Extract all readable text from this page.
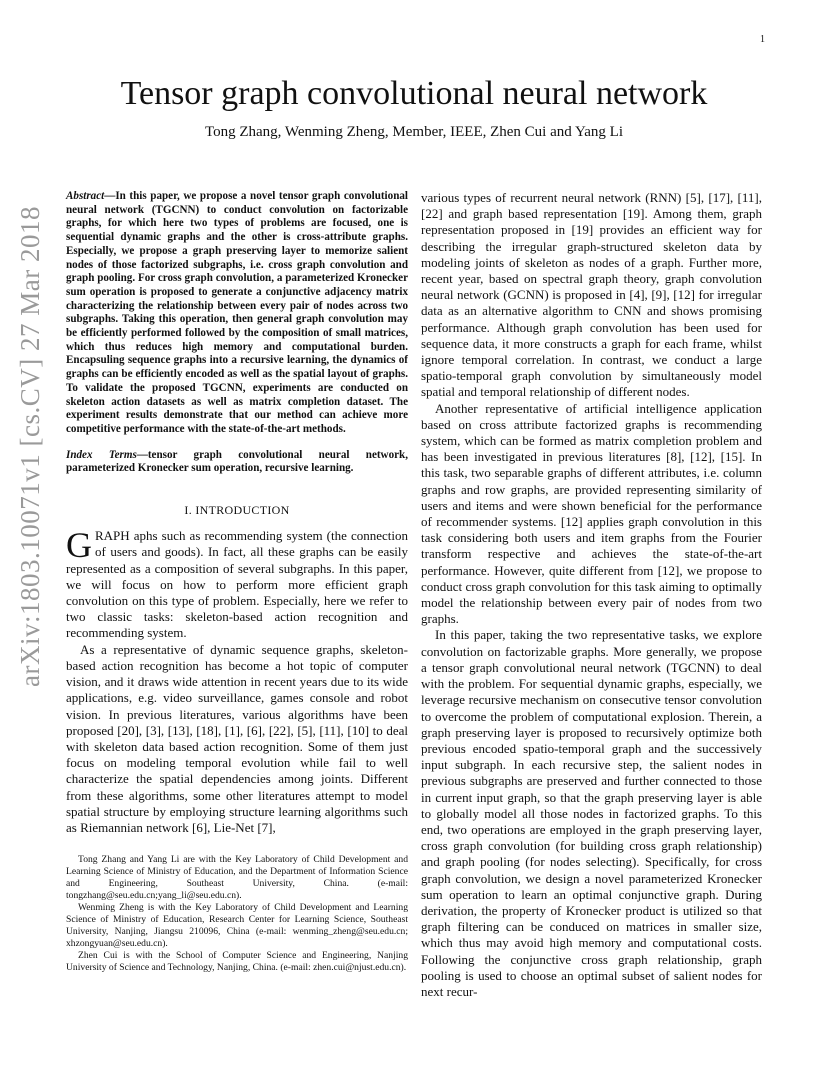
1
arXiv:1803.10071v1 [cs.CV] 27 Mar 2018
Tensor graph convolutional neural network
Tong Zhang, Wenming Zheng, Member, IEEE, Zhen Cui and Yang Li
Abstract—In this paper, we propose a novel tensor graph convolutional neural network (TGCNN) to conduct convolution on factorizable graphs, for which here two types of problems are focused, one is sequential dynamic graphs and the other is cross-attribute graphs. Especially, we propose a graph preserving layer to memorize salient nodes of those factorized subgraphs, i.e. cross graph convolution and graph pooling. For cross graph convolution, a parameterized Kronecker sum operation is proposed to generate a conjunctive adjacency matrix characterizing the relationship between every pair of nodes across two subgraphs. Taking this operation, then general graph convolution may be efficiently performed followed by the composition of small matrices, which thus reduces high memory and computational burden. Encapsuling sequence graphs into a recursive learning, the dynamics of graphs can be efficiently encoded as well as the spatial layout of graphs. To validate the proposed TGCNN, experiments are conducted on skeleton action datasets as well as matrix completion dataset. The experiment results demonstrate that our method can achieve more competitive performance with the state-of-the-art methods.
Index Terms—tensor graph convolutional neural network, parameterized Kronecker sum operation, recursive learning.
I. INTRODUCTION

GRAPH aphs such as recommending system (the connection of users and goods). In fact, all these graphs can be easily represented as a composition of several subgraphs. In this paper, we will focus on how to perform more efficient graph convolution on this type of problem. Especially, here we refer to two classic tasks: skeleton-based action recognition and recommending system.

As a representative of dynamic sequence graphs, skeleton-based action recognition has become a hot topic of computer vision, and it draws wide attention in recent years due to its wide applications, e.g. video surveillance, games console and robot vision. In previous literatures, various algorithms have been proposed [20], [3], [13], [18], [1], [6], [22], [5], [11], [10] to deal with skeleton data based action recognition. Some of them just focus on modeling temporal evolution while fail to well characterize the spatial dependencies among joints. Different from these algorithms, some other literatures attempt to model spatial structure by employing structure learning algorithms such as Riemannian network [6], Lie-Net [7],

Tong Zhang and Yang Li are with the Key Laboratory of Child Development and Learning Science of Ministry of Education, and the Department of Information Science and Engineering, Southeast University, China. (e-mail: tongzhang@seu.edu.cn;yang_li@seu.edu.cn).

Wenming Zheng is with the Key Laboratory of Child Development and Learning Science of Ministry of Education, Research Center for Learning Science, Southeast University, Nanjing, Jiangsu 210096, China (e-mail: wenming_zheng@seu.edu.cn; xhzongyuan@seu.edu.cn).

Zhen Cui is with the School of Computer Science and Engineering, Nanjing University of Science and Technology, Nanjing, China. (e-mail: zhen.cui@njust.edu.cn).

various types of recurrent neural network (RNN) [5], [17], [11], [22] and graph based representation [19]. Among them, graph representation proposed in [19] provides an efficient way for describing the irregular graph-structured skeleton data by modeling joints of skeleton as nodes of a graph. Further more, recent year, based on spectral graph theory, graph convolution neural network (GCNN) is proposed in [4], [9], [12] for irregular data as an alternative algorithm to CNN and shows promising performance. Although graph convolution has been used for sequence data, it more constructs a graph for each frame, whilst ignore temporal correlation. In contrast, we conduct a large spatio-temporal graph convolution by simultaneously model spatial and temporal relationship of different nodes.

Another representative of artificial intelligence application based on cross attribute factorized graphs is recommending system, which can be formed as matrix completion problem and has been investigated in previous literatures [8], [12], [15]. In this task, two separable graphs of different attributes, i.e. column graphs and row graphs, are provided representing similarity of users and items and were shown beneficial for the performance of recommender systems. [12] applies graph convolution in this task considering both users and item graphs from the Fourier transform respective and achieves the state-of-the-art performance. However, quite different from [12], we propose to conduct cross graph convolution for this task aiming to optimally model the relationship between every pair of nodes from two graphs.

In this paper, taking the two representative tasks, we explore convolution on factorizable graphs. More generally, we propose a tensor graph convolutional neural network (TGCNN) to deal with the problem. For sequential dynamic graphs, especially, we leverage recursive mechanism on consecutive tensor convolution to overcome the problem of computational explosion. Therein, a graph preserving layer is proposed to recursively optimize both previous encoded spatio-temporal graph and the successively input subgraph. In each recursive step, the salient nodes in previous subgraphs are preserved and further connected to those in current input graph, so that the graph preserving layer is able to globally model all those nodes in factorized graphs. To this end, two operations are employed in the graph preserving layer, cross graph convolution (for building cross graph relationship) and graph pooling (for nodes selecting). Specifically, for cross graph convolution, we design a novel parameterized Kronecker sum operation to learn an optimal conjunctive graph. During derivation, the property of Kronecker product is utilized so that graph filtering can be conduced on matrices in smaller size, which thus may avoid high memory and computational costs. Following the conjunctive cross graph relationship, graph pooling is used to choose an optimal subset of salient nodes for next recur-
